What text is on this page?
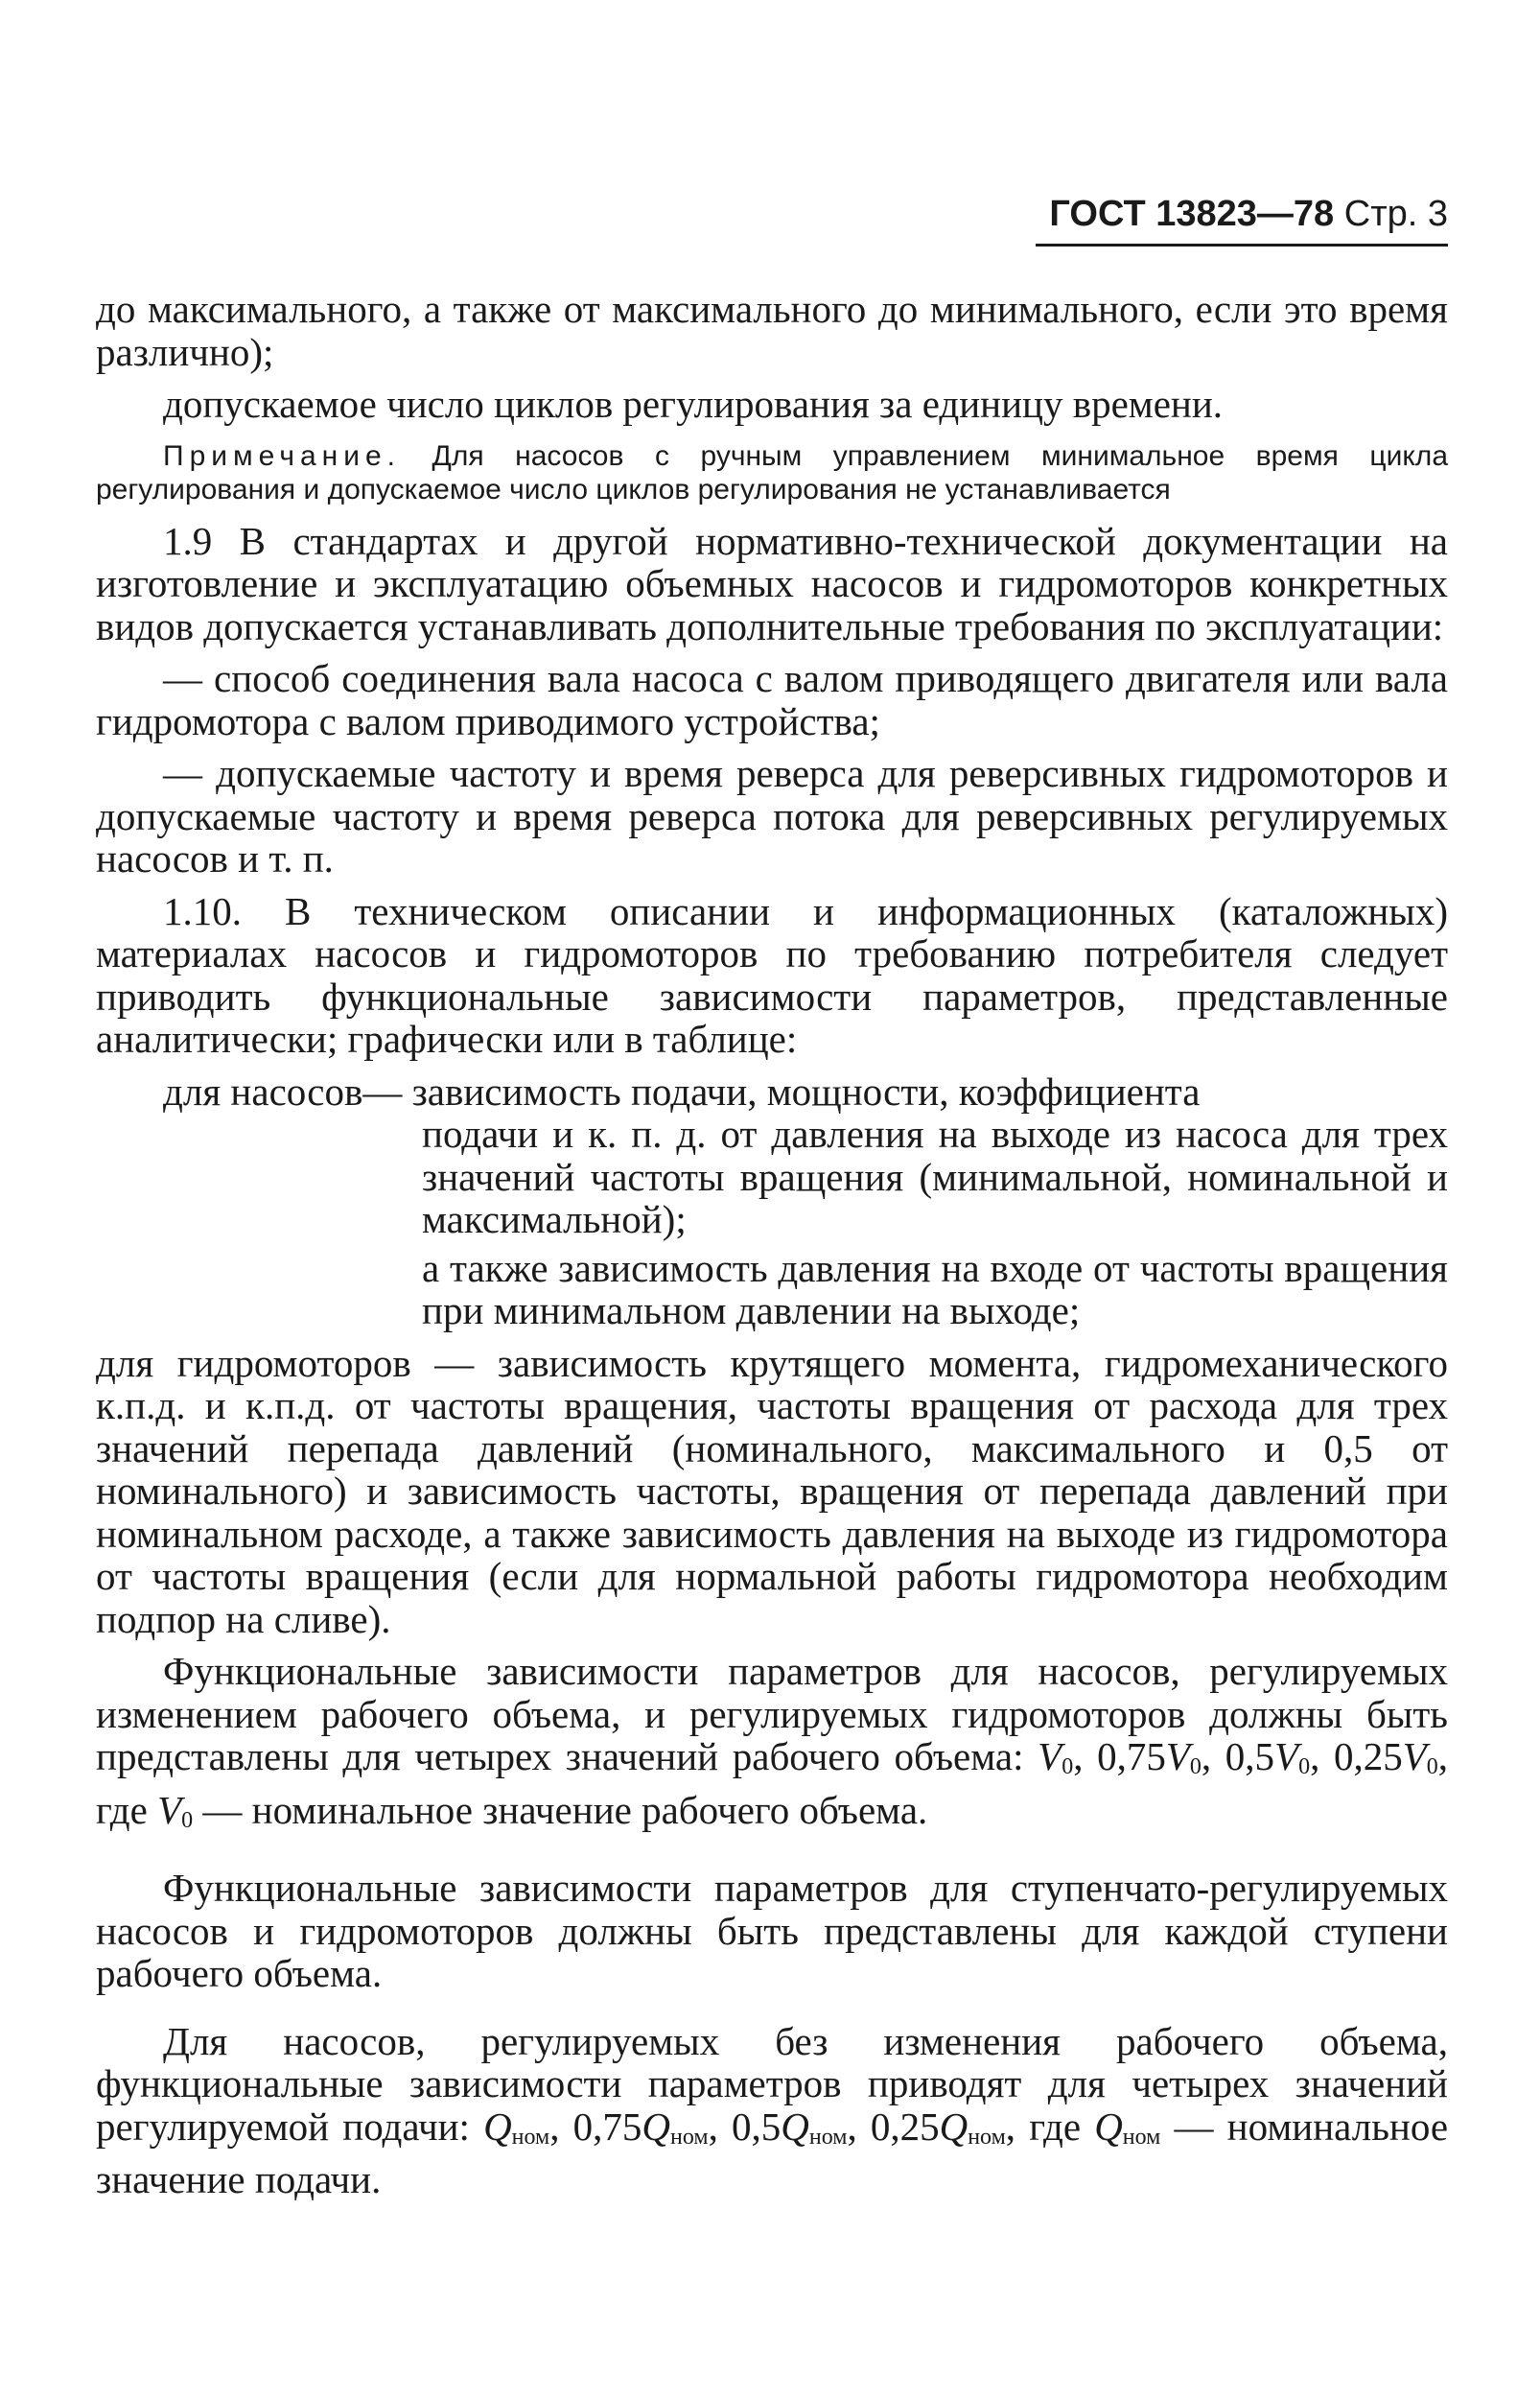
ГОСТ 13823—78 Стр. 3

до максимального, а также от максимального до минимального, если это время различно);

допускаемое число циклов регулирования за единицу времени.

Примечание. Для насосов с ручным управлением минимальное время цикла регулирования и допускаемое число циклов регулирования не устанавливается

1.9 В стандартах и другой нормативно-технической документации на изготовление и эксплуатацию объемных насосов и гидромоторов конкретных видов допускается устанавливать дополнительные требования по эксплуатации:

— способ соединения вала насоса с валом приводящего двигателя или вала гидромотора с валом приводимого устройства;

— допускаемые частоту и время реверса для реверсивных гидромоторов и допускаемые частоту и время реверса потока для реверсивных регулируемых насосов и т. п.

1.10. В техническом описании и информационных (каталожных) материалах насосов и гидромоторов по требованию потребителя следует приводить функциональные зависимости параметров, представленные аналитически; графически или в таблице:

для насосов — зависимость подачи, мощности, коэффициента

подачи и к. п. д. от давления на выходе из насоса для трех значений частоты вращения (минимальной, номинальной и максимальной);

а также зависимость давления на входе от частоты вращения при минимальном давлении на выходе;

для гидромоторов — зависимость крутящего момента, гидромеханического к.п.д. и к.п.д. от частоты вращения, частоты вращения от расхода для трех значений перепада давлений (номинального, максимального и 0,5 от номинального) и зависимость частоты, вращения от перепада давлений при номинальном расходе, а также зависимость давления на выходе из гидромотора от частоты вращения (если для нормальной работы гидромотора необходим подпор на сливе).

Функциональные зависимости параметров для насосов, регулируемых изменением рабочего объема, и регулируемых гидромоторов должны быть представлены для четырех значений рабочего объема: V0, 0,75V0, 0,5V0, 0,25V0, где V0 — номинальное значение рабочего объема.

Функциональные зависимости параметров для ступенчато-регулируемых насосов и гидромоторов должны быть представлены для каждой ступени рабочего объема.

Для насосов, регулируемых без изменения рабочего объема, функциональные зависимости параметров приводят для четырех значений регулируемой подачи: Qном, 0,75Qном, 0,5Qном, 0,25Qном, где Qном — номинальное значение подачи.
